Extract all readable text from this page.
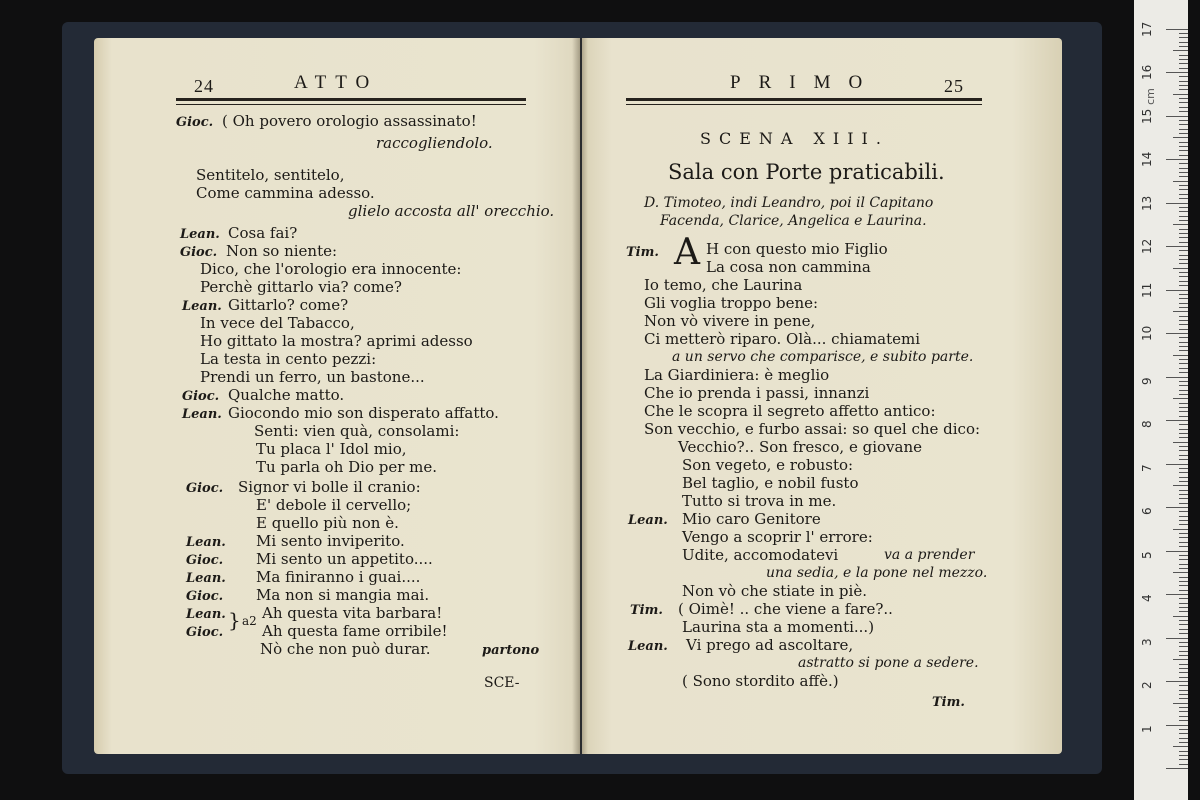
24	ATTO
Gioc. ( Oh povero orologio assassinato!
raccogliendolo.
Sentitelo, sentitelo,
Come cammina adesso.
glielo accosta all' orecchio.
Lean. Cosa fai?
Gioc. Non so niente:
Dico, che l'orologio era innocente:
Perchè gittarlo via? come?
Lean. Gittarlo? come?
In vece del Tabacco,
Ho gittato la mostra? aprimi adesso
La testa in cento pezzi:
Prendi un ferro, un bastone...
Gioc. Qualche matto.
Lean. Giocondo mio son disperato affatto.
Senti: vien quà, consolami:
Tu placa l' Idol mio,
Tu parla oh Dio per me.
Gioc. Signor vi bolle il cranio:
E' debole il cervello;
E quello più non è.
Lean. Mi sento inviperito.
Gioc. Mi sento un appetito....
Lean. Ma finiranno i guai....
Gioc. Ma non si mangia mai.
Lean. Ah questa vita barbara!
Gioc.	Ah questa fame orribile!
} a2
Nò che non può durar.	partono
SCE-
PRIMO	25
SCENA XIII.
Sala con Porte praticabili.
D. Timoteo, indi Leandro, poi il Capitano
Facenda, Clarice, Angelica e Laurina.
Tim. A H con questo mio Figlio
La cosa non cammina
Io temo, che Laurina
Gli voglia troppo bene:
Non vò vivere in pene,
Ci metterò riparo. Olà... chiamatemi
a un servo che comparisce, e subito parte.
La Giardiniera: è meglio
Che io prenda i passi, innanzi
Che le scopra il segreto affetto antico:
Son vecchio, e furbo assai: so quel che dico:
Vecchio?.. Son fresco, e giovane
Son vegeto, e robusto:
Bel taglio, e nobil fusto
Tutto si trova in me.
Lean. Mio caro Genitore
Vengo a scoprir l' errore:
Udite, accomodatevi	va a prender
una sedia, e la pone nel mezzo.
Non vò che stiate in piè.
Tim. ( Oimè! .. che viene a fare?..
Laurina sta a momenti...)
Lean. Vi prego ad ascoltare,
astratto si pone a sedere.
( Sono stordito affè.)
Tim.
cm
1
2
3
4
5
6
7
8
9
10
11
12
13
14
15
16
17
